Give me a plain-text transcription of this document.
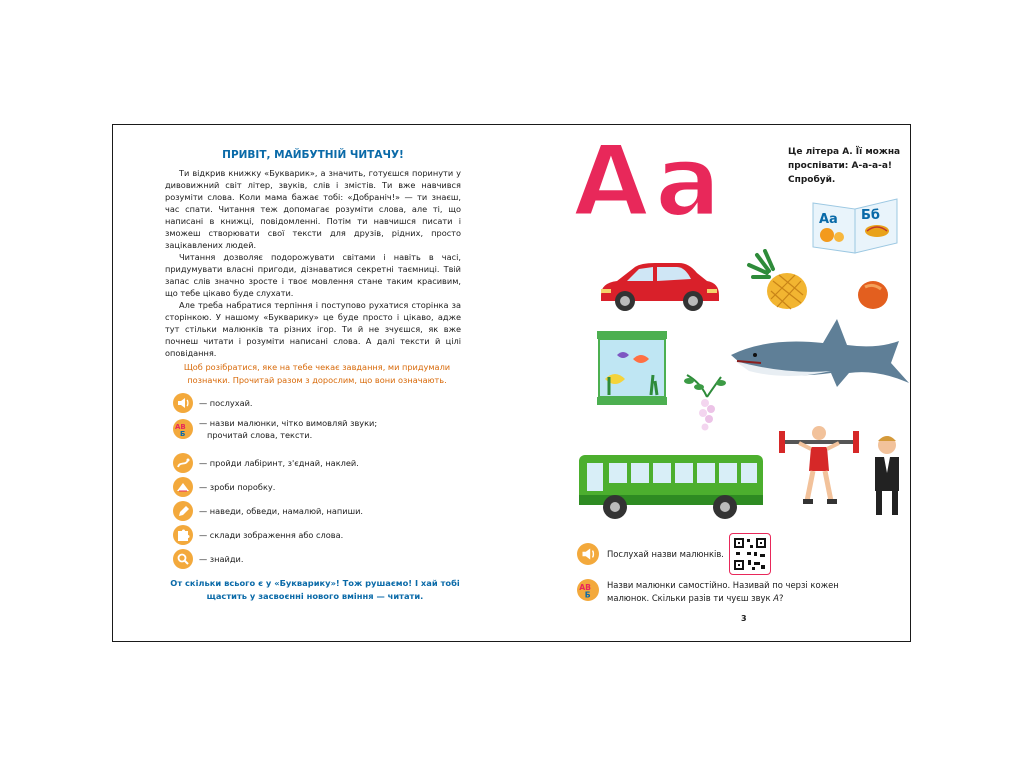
ПРИВІТ, МАЙБУТНІЙ ЧИТАЧУ!

Ти відкрив книжку «Букварик», а значить, готуєшся поринути у дивовижний світ літер, звуків, слів і змістів. Ти вже навчився розуміти слова. Коли мама бажає тобі: «Добраніч!» — ти знаєш, час спати. Читання теж допомагає розуміти слова, але ті, що написані в книжці, повідомленні. Потім ти навчишся писати і зможеш створювати свої тексти для друзів, рідних, просто зацікавлених людей.

Читання дозволяє подорожувати світами і навіть в часі, придумувати власні пригоди, дізнаватися секретні таємниці. Твій запас слів значно зросте і твоє мовлення стане таким красивим, що тебе цікаво буде слухати.

Але треба набратися терпіння і поступово рухатися сторінка за сторінкою. У нашому «Букварику» це буде просто і цікаво, адже тут стільки малюнків та різних ігор. Ти й не зчуєшся, як вже почнеш читати і розуміти написані слова. А далі тексти й цілі оповідання.

Щоб розібратися, яке на тебе чекає завдання, ми придумали позначки. Прочитай разом з дорослим, що вони означають.
— послухай.
АВ
Б
— назви малюнки, чітко вимовляй звуки;
прочитай слова, тексти.
— пройди лабіринт, з'єднай, наклей.
— зроби поробку.
— наведи, обведи, намалюй, напиши.
— склади зображення або слова.
— знайди.
От скільки всього є у «Букварику»! Тож рушаємо! І хай тобі щастить у засвоєнні нового вміння — читати.
Аа	Це літера А. Її можна проспівати: А-а-а-а! Спробуй.
Аа Бб
Послухай назви малюнків.
АВ
Б
Назви малюнки самостійно. Називай по черзі кожен малюнок. Скільки разів ти чуєш звук А?
3
